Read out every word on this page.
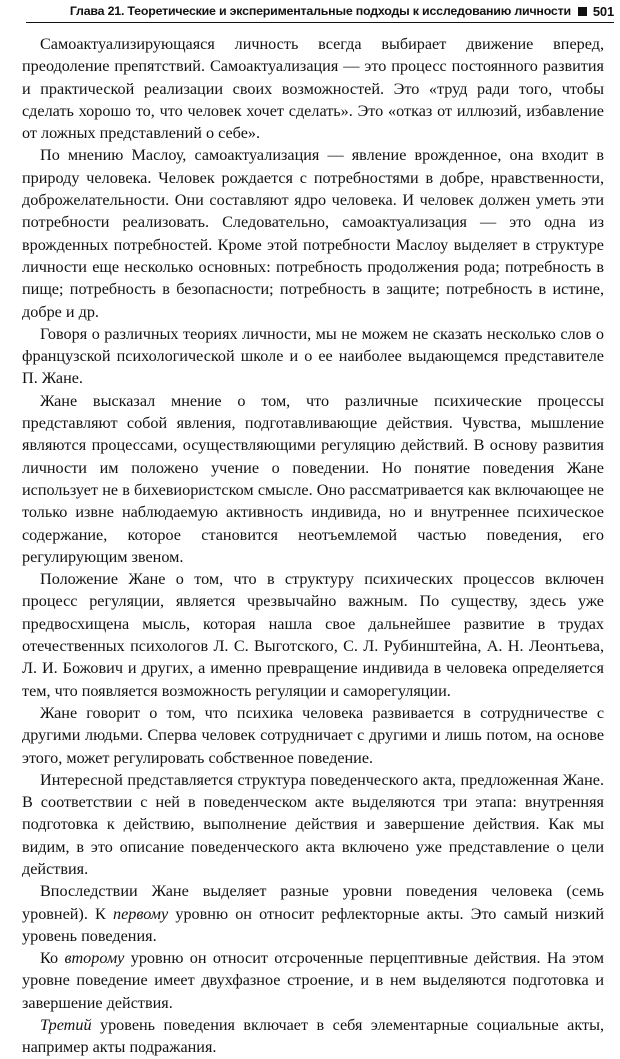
Глава 21. Теоретические и экспериментальные подходы к исследованию личности 501

Самоактуализирующаяся личность всегда выбирает движение вперед, преодоление препятствий. Самоактуализация — это процесс постоянного развития и практической реализации своих возможностей. Это «труд ради того, чтобы сделать хорошо то, что человек хочет сделать». Это «отказ от иллюзий, избавление от ложных представлений о себе».

По мнению Маслоу, самоактуализация — явление врожденное, она входит в природу человека. Человек рождается с потребностями в добре, нравственности, доброжелательности. Они составляют ядро человека. И человек должен уметь эти потребности реализовать. Следовательно, самоактуализация — это одна из врожденных потребностей. Кроме этой потребности Маслоу выделяет в структуре личности еще несколько основных: потребность продолжения рода; потребность в пище; потребность в безопасности; потребность в защите; потребность в истине, добре и др.

Говоря о различных теориях личности, мы не можем не сказать несколько слов о французской психологической школе и о ее наиболее выдающемся представителе П. Жане.

Жане высказал мнение о том, что различные психические процессы представляют собой явления, подготавливающие действия. Чувства, мышление являются процессами, осуществляющими регуляцию действий. В основу развития личности им положено учение о поведении. Но понятие поведения Жане использует не в бихевиористском смысле. Оно рассматривается как включающее не только извне наблюдаемую активность индивида, но и внутреннее психическое содержание, которое становится неотъемлемой частью поведения, его регулирующим звеном.

Положение Жане о том, что в структуру психических процессов включен процесс регуляции, является чрезвычайно важным. По существу, здесь уже предвосхищена мысль, которая нашла свое дальнейшее развитие в трудах отечественных психологов Л. С. Выготского, С. Л. Рубинштейна, А. Н. Леонтьева, Л. И. Божович и других, а именно превращение индивида в человека определяется тем, что появляется возможность регуляции и саморегуляции.

Жане говорит о том, что психика человека развивается в сотрудничестве с другими людьми. Сперва человек сотрудничает с другими и лишь потом, на основе этого, может регулировать собственное поведение.

Интересной представляется структура поведенческого акта, предложенная Жане. В соответствии с ней в поведенческом акте выделяются три этапа: внутренняя подготовка к действию, выполнение действия и завершение действия. Как мы видим, в это описание поведенческого акта включено уже представление о цели действия.

Впоследствии Жане выделяет разные уровни поведения человека (семь уровней). К первому уровню он относит рефлекторные акты. Это самый низкий уровень поведения.

Ко второму уровню он относит отсроченные перцептивные действия. На этом уровне поведение имеет двухфазное строение, и в нем выделяются подготовка и завершение действия.

Третий уровень поведения включает в себя элементарные социальные акты, например акты подражания.
